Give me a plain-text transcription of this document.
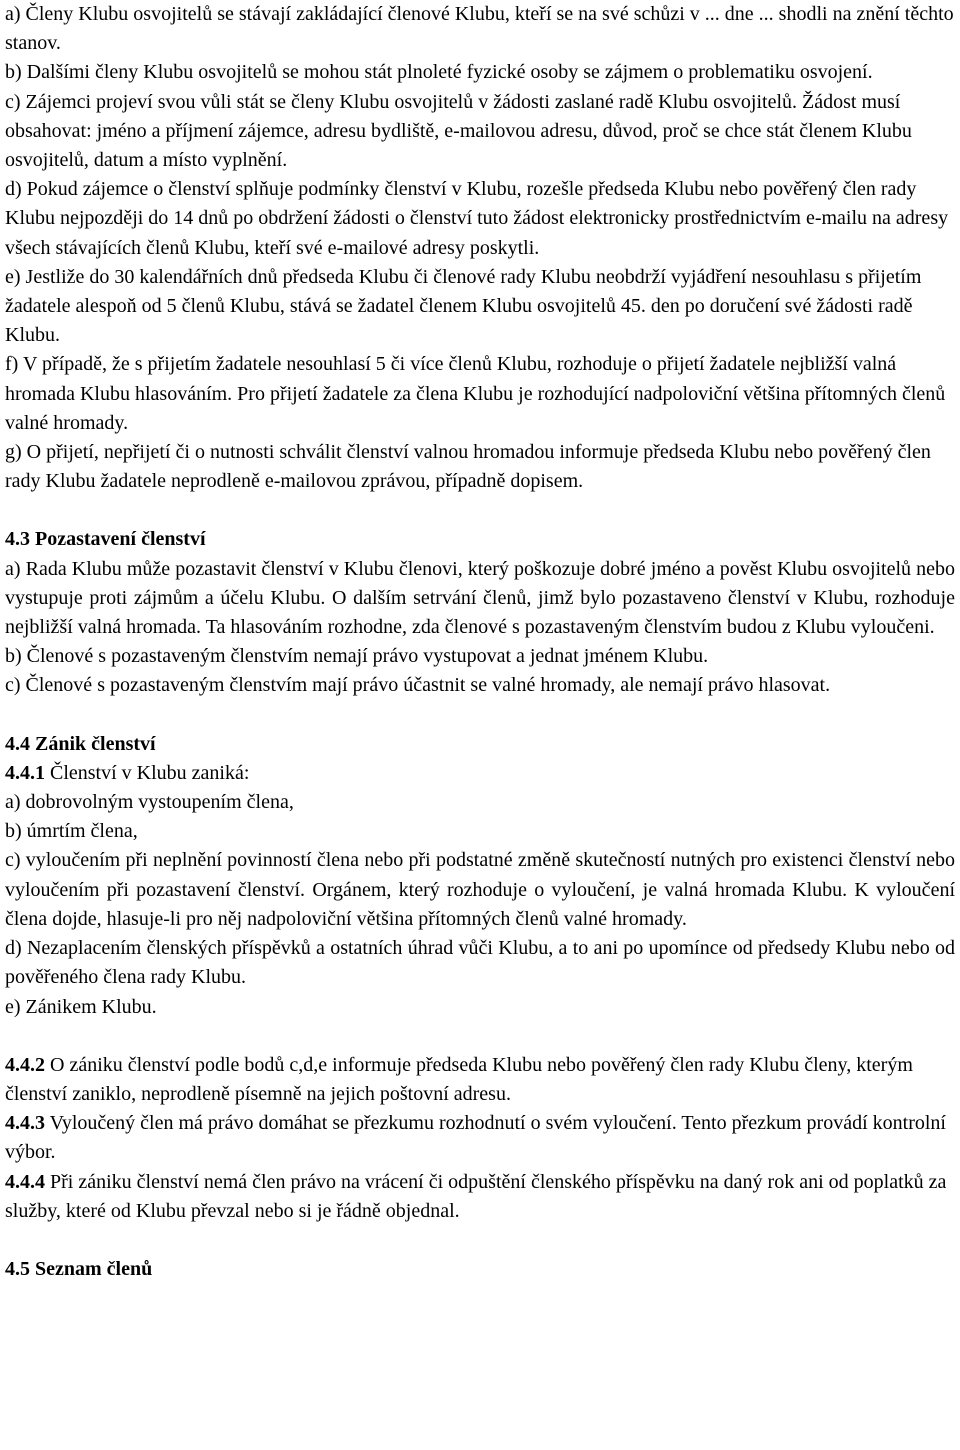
a) Členy Klubu osvojitelů se stávají zakládající členové Klubu, kteří se na své schůzi v ... dne ... shodli na znění těchto stanov.

b) Dalšími členy Klubu osvojitelů se mohou stát plnoleté fyzické osoby se zájmem o problematiku osvojení.

c) Zájemci projeví svou vůli stát se členy Klubu osvojitelů v žádosti zaslané radě Klubu osvojitelů. Žádost musí obsahovat: jméno a příjmení zájemce, adresu bydliště, e-mailovou adresu, důvod, proč se chce stát členem Klubu osvojitelů, datum a místo vyplnění.

d) Pokud zájemce o členství splňuje podmínky členství v Klubu, rozešle předseda Klubu nebo pověřený člen rady Klubu nejpozději do 14 dnů po obdržení žádosti o členství tuto žádost elektronicky prostřednictvím e-mailu na adresy všech stávajících členů Klubu, kteří své e-mailové adresy poskytli.

e) Jestliže do 30 kalendářních dnů předseda Klubu či členové rady Klubu neobdrží vyjádření nesouhlasu s přijetím žadatele alespoň od 5 členů Klubu, stává se žadatel členem Klubu osvojitelů 45. den po doručení své žádosti radě Klubu.

f) V případě, že s přijetím žadatele nesouhlasí 5 či více členů Klubu, rozhoduje o přijetí žadatele nejbližší valná hromada Klubu hlasováním. Pro přijetí žadatele za člena Klubu je rozhodující nadpoloviční většina přítomných členů valné hromady.

g) O přijetí, nepřijetí či o nutnosti schválit členství valnou hromadou informuje předseda Klubu nebo pověřený člen rady Klubu žadatele neprodleně e-mailovou zprávou, případně dopisem.

4.3 Pozastavení členství

a) Rada Klubu může pozastavit členství v Klubu členovi, který poškozuje dobré jméno a pověst Klubu osvojitelů nebo vystupuje proti zájmům a účelu Klubu. O dalším setrvání členů, jimž bylo pozastaveno členství v Klubu, rozhoduje nejbližší valná hromada. Ta hlasováním rozhodne, zda členové s pozastaveným členstvím budou z Klubu vyloučeni.

b) Členové s pozastaveným členstvím nemají právo vystupovat a jednat jménem Klubu.

c) Členové s pozastaveným členstvím mají právo účastnit se valné hromady, ale nemají právo hlasovat.

4.4 Zánik členství

4.4.1 Členství v Klubu zaniká:

a) dobrovolným vystoupením člena,

b) úmrtím člena,

c) vyloučením při neplnění povinností člena nebo při podstatné změně skutečností nutných pro existenci členství nebo vyloučením při pozastavení členství. Orgánem, který rozhoduje o vyloučení, je valná hromada Klubu. K vyloučení člena dojde, hlasuje-li pro něj nadpoloviční většina přítomných členů valné hromady.

d) Nezaplacením členských příspěvků a ostatních úhrad vůči Klubu, a to ani po upomínce od předsedy Klubu nebo od pověřeného člena rady Klubu.

e) Zánikem Klubu.

4.4.2 O zániku členství podle bodů c,d,e informuje předseda Klubu nebo pověřený člen rady Klubu členy, kterým členství zaniklo, neprodleně písemně na jejich poštovní adresu.

4.4.3 Vyloučený člen má právo domáhat se přezkumu rozhodnutí o svém vyloučení. Tento přezkum provádí kontrolní výbor.

4.4.4 Při zániku členství nemá člen právo na vrácení či odpuštění členského příspěvku na daný rok ani od poplatků za služby, které od Klubu převzal nebo si je řádně objednal.

4.5 Seznam členů
